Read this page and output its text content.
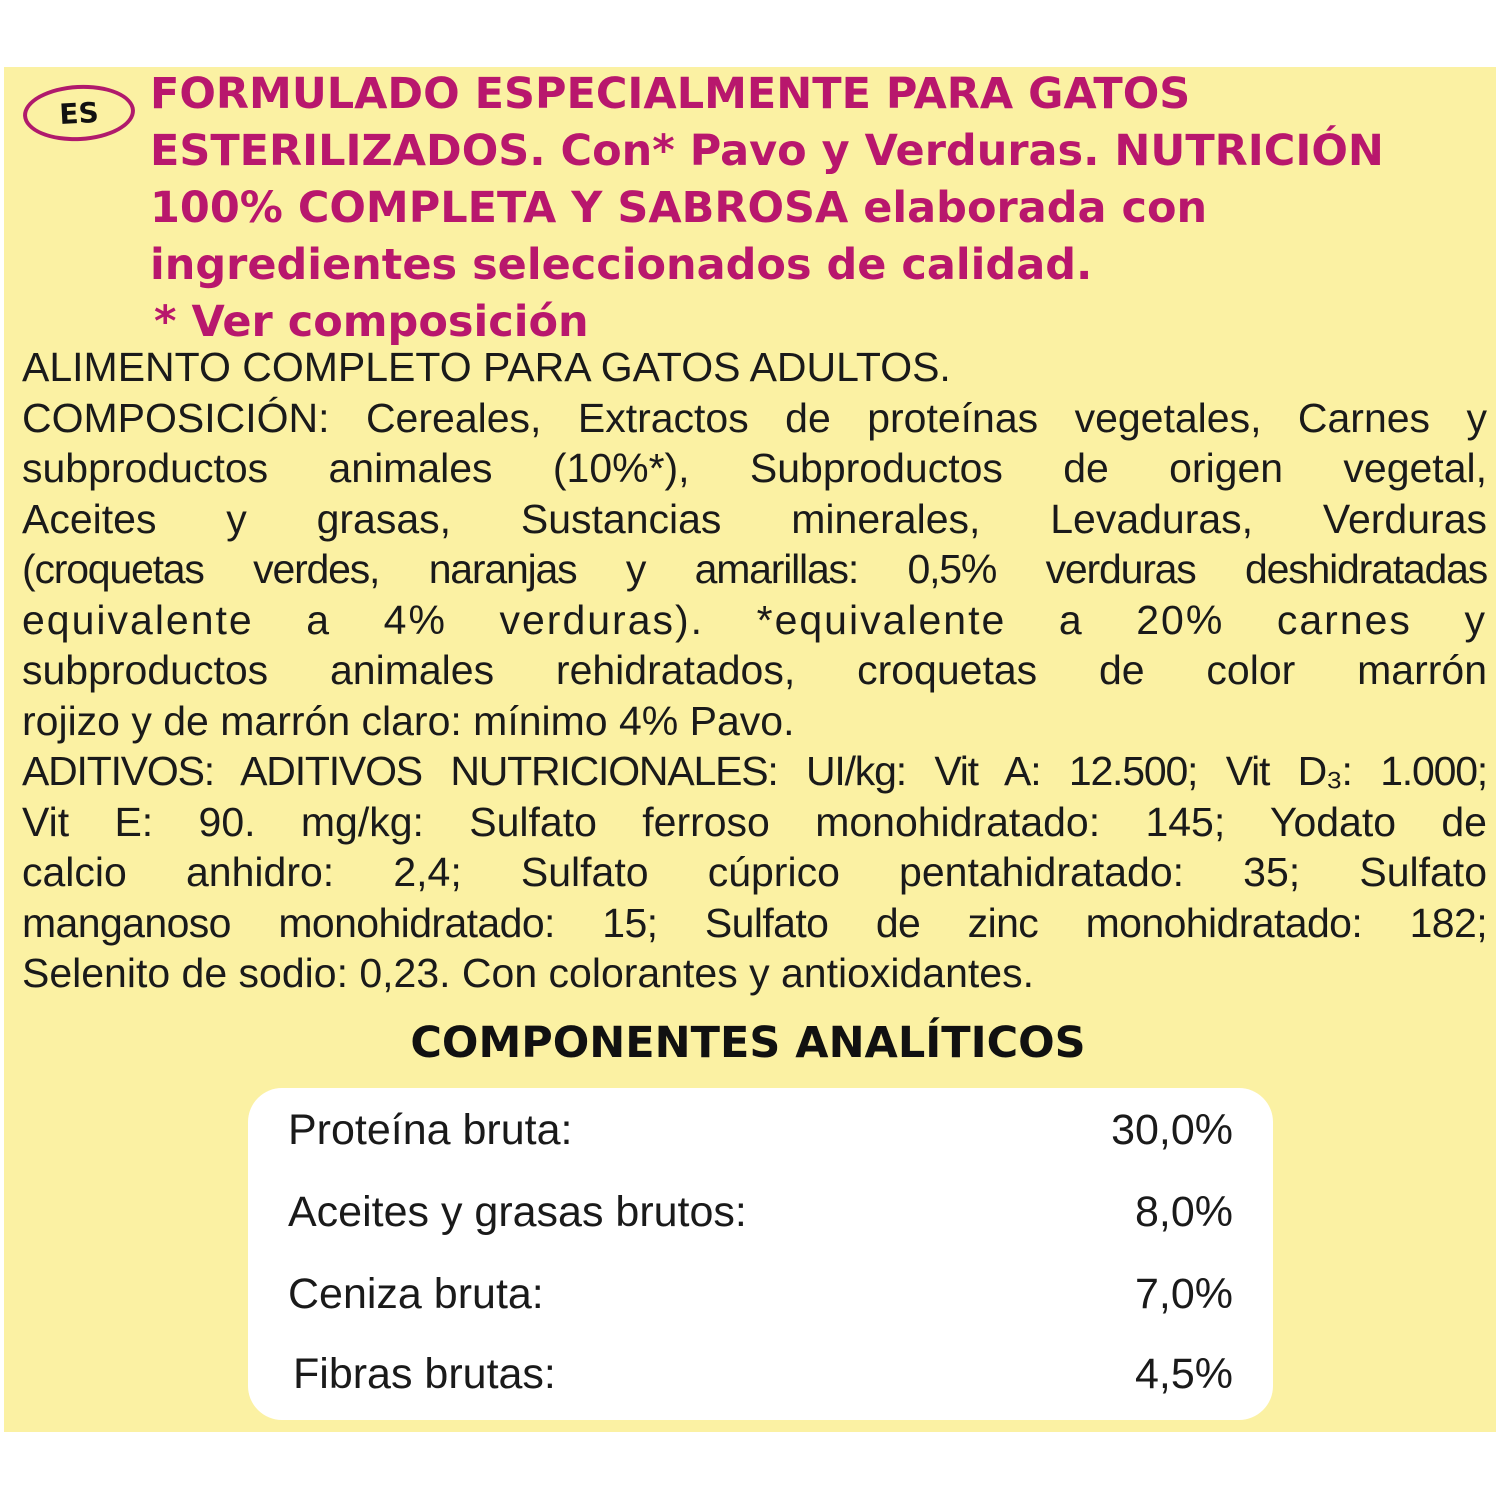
ES	FORMULADO ESPECIALMENTE PARA GATOS
ESTERILIZADOS. Con* Pavo y Verduras. NUTRICIÓN
100% COMPLETA Y SABROSA elaborada con
ingredientes seleccionados de calidad.
* Ver composición
ALIMENTO COMPLETO PARA GATOS ADULTOS.
COMPOSICIÓN: Cereales, Extractos de proteínas vegetales, Carnes y
subproductos animales (10%*), Subproductos de origen vegetal,
Aceites y grasas, Sustancias minerales, Levaduras, Verduras
(croquetas verdes, naranjas y amarillas: 0,5% verduras deshidratadas
equivalente a 4% verduras). *equivalente a 20% carnes y
subproductos animales rehidratados, croquetas de color marrón
rojizo y de marrón claro: mínimo 4% Pavo.
ADITIVOS: ADITIVOS NUTRICIONALES: UI/kg: Vit A: 12.500; Vit D₃: 1.000;
Vit E: 90. mg/kg: Sulfato ferroso monohidratado: 145; Yodato de
calcio anhidro: 2,4; Sulfato cúprico pentahidratado: 35; Sulfato
manganoso monohidratado: 15; Sulfato de zinc monohidratado: 182;
Selenito de sodio: 0,23. Con colorantes y antioxidantes.
COMPONENTES ANALÍTICOS
Proteína bruta:	30,0%
Aceites y grasas brutos:	8,0%
Ceniza bruta:	7,0%
Fibras brutas:	4,5%
